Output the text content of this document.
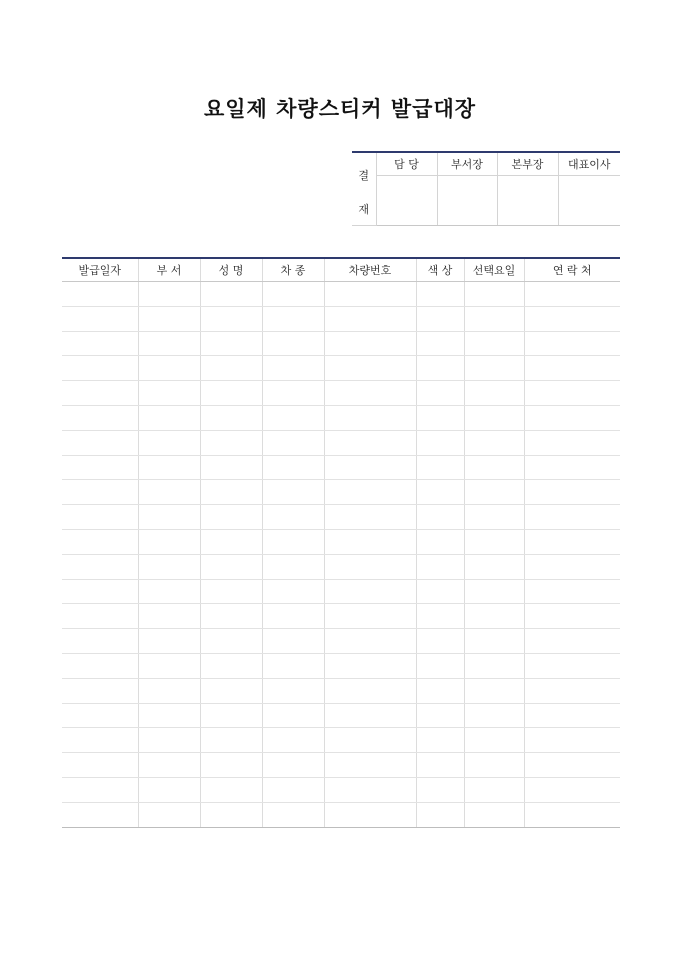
요일제 차량스티커 발급대장
결
재	담 당	부서장	본부장	대표이사

발급일자	부 서	성 명	차 종	차량번호	색 상	선택요일	연 락 처
